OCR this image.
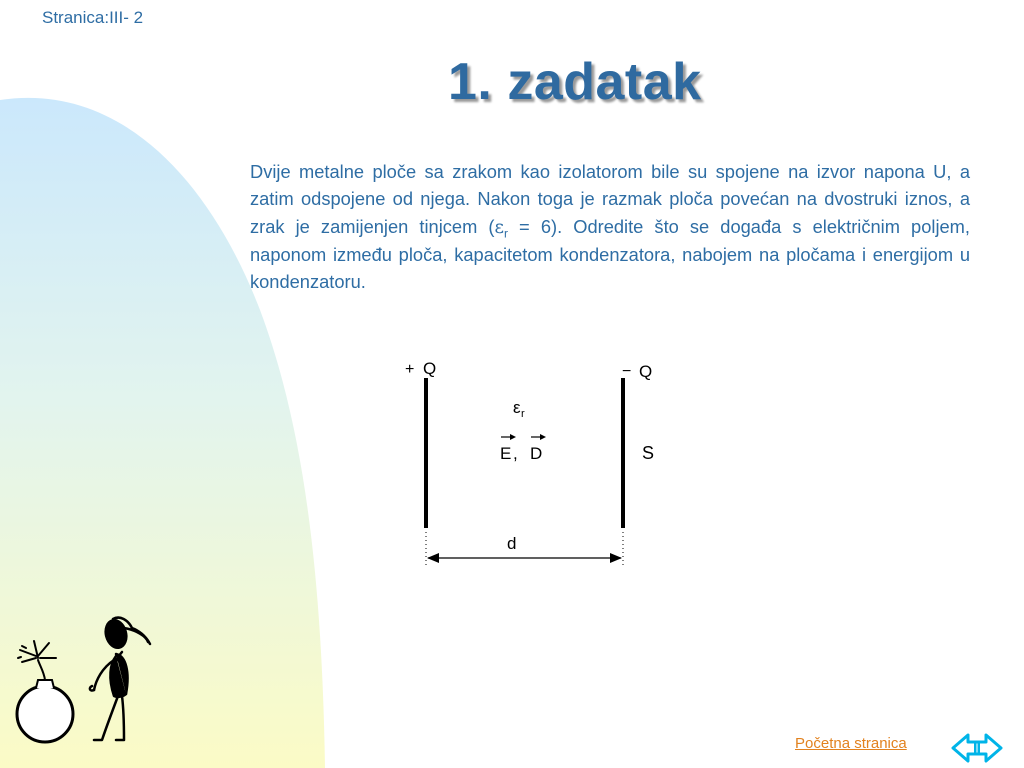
Stranica:III- 2
1. zadatak
Dvije metalne ploče sa zrakom kao izolatorom bile su spojene na izvor napona U, a zatim odspojene od njega. Nakon toga je razmak ploča povećan na dvostruki iznos, a zrak je zamijenjen tinjcem $(\varepsilon_r = 6)$. Odredite što se događa s električnim poljem, naponom između ploča, kapacitetom kondenzatora, nabojem na pločama i energijom u kondenzatoru.
+ Q	− Q
ε r
E , D	S
d
Početna stranica
